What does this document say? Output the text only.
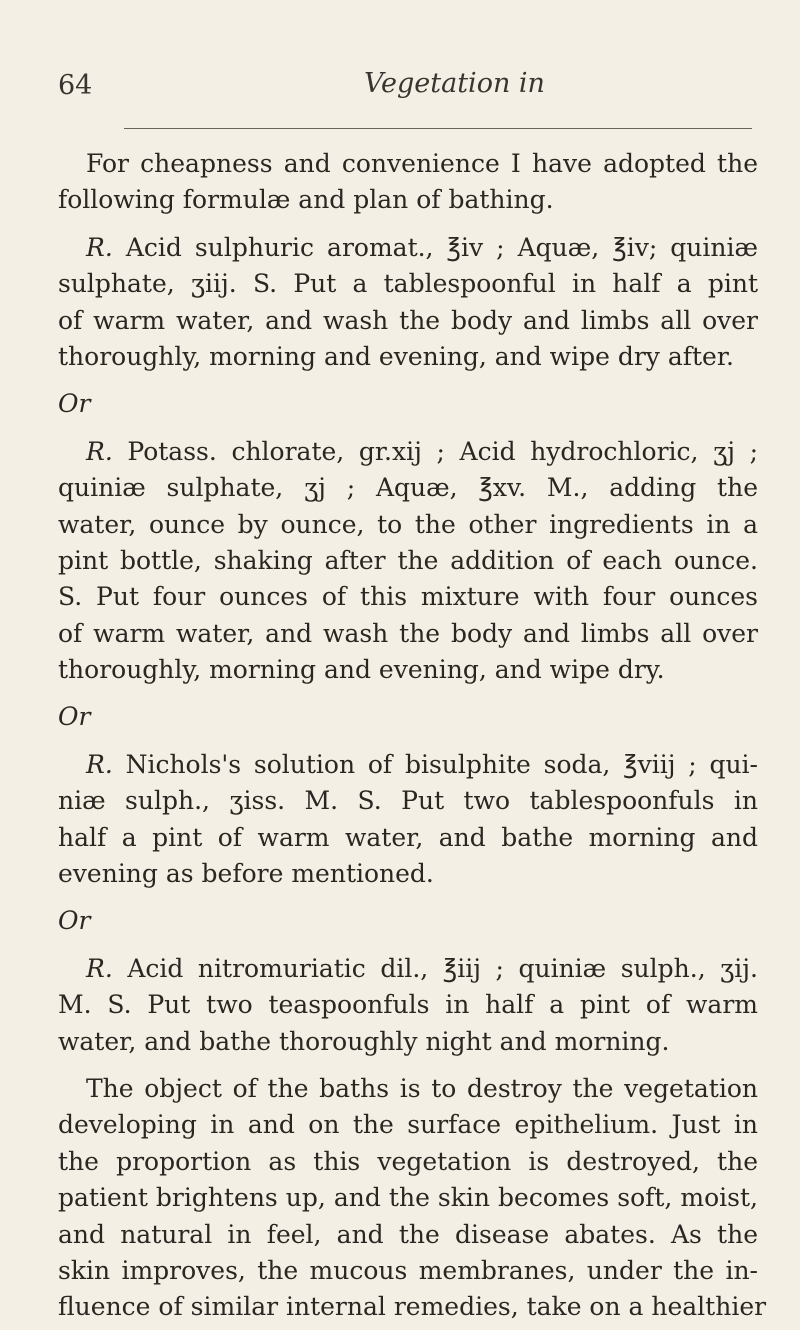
64	Vegetation in
For cheapness and convenience I have adopted the
following formulæ and plan of bathing.
R. Acid sulphuric aromat., ℥iv ; Aquæ, ℥iv; quiniæ
sulphate, ʒiij. S. Put a tablespoonful in half a pint
of warm water, and wash the body and limbs all over
thoroughly, morning and evening, and wipe dry after.
Or
R. Potass. chlorate, gr.xij ; Acid hydrochloric, ʒj ;
quiniæ sulphate, ʒj ; Aquæ, ℥xv. M., adding the
water, ounce by ounce, to the other ingredients in a
pint bottle, shaking after the addition of each ounce.
S. Put four ounces of this mixture with four ounces
of warm water, and wash the body and limbs all over
thoroughly, morning and evening, and wipe dry.
Or
R. Nichols's solution of bisulphite soda, ℥viij ; qui-
niæ sulph., ʒiss. M. S. Put two tablespoonfuls in
half a pint of warm water, and bathe morning and
evening as before mentioned.
Or
R. Acid nitromuriatic dil., ℥iij ; quiniæ sulph., ʒij.
M. S. Put two teaspoonfuls in half a pint of warm
water, and bathe thoroughly night and morning.
The object of the baths is to destroy the vegetation
developing in and on the surface epithelium. Just in
the proportion as this vegetation is destroyed, the
patient brightens up, and the skin becomes soft, moist,
and natural in feel, and the disease abates. As the
skin improves, the mucous membranes, under the in-
fluence of similar internal remedies, take on a healthier
